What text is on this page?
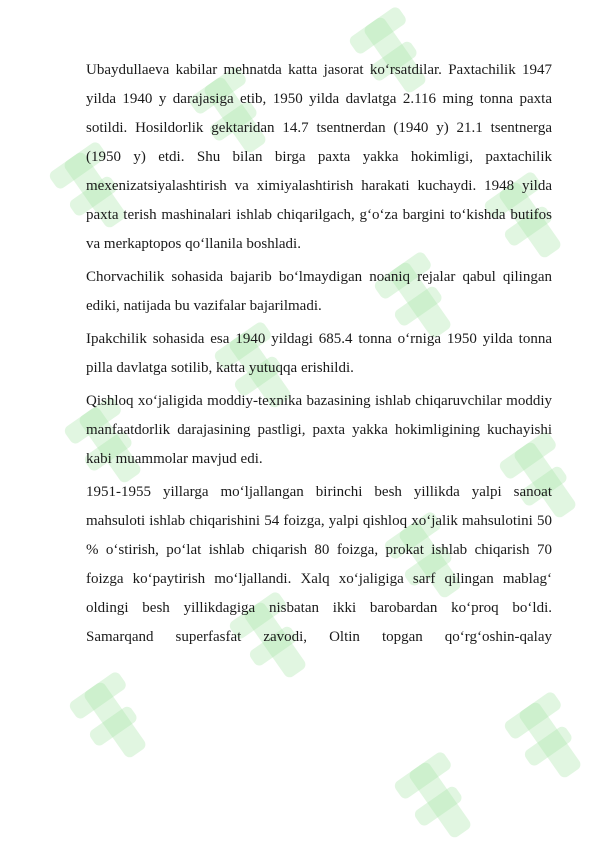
Ubaydullaeva kabilar mehnatda katta jasorat ko‘rsatdilar. Paxtachilik 1947 yilda 1940 y darajasiga etib, 1950 yilda davlatga 2.116 ming tonna paxta sotildi. Hosildorlik gektaridan 14.7 tsentnerdan (1940 y) 21.1 tsentnerga (1950 y) etdi. Shu bilan birga paxta yakka hokimligi, paxtachilik mexenizatsiyalashtirish va ximiyalashtirish harakati kuchaydi. 1948 yilda paxta terish mashinalari ishlab chiqarilgach, g‘o‘za bargini to‘kishda butifos va merkaptopos qo‘llanila boshladi.

Chorvachilik sohasida bajarib bo‘lmaydigan noaniq rejalar qabul qilingan ediki, natijada bu vazifalar bajarilmadi.

Ipakchilik sohasida esa 1940 yildagi 685.4 tonna o‘rniga 1950 yilda tonna pilla davlatga sotilib, katta yutuqqa erishildi.

Qishloq xo‘jaligida moddiy-texnika bazasining ishlab chiqaruvchilar moddiy manfaatdorlik darajasining pastligi, paxta yakka hokimligining kuchayishi kabi muammolar mavjud edi.

1951-1955 yillarga mo‘ljallangan birinchi besh yillikda yalpi sanoat mahsuloti ishlab chiqarishini 54 foizga, yalpi qishloq xo‘jalik mahsulotini 50 % o‘stirish, po‘lat ishlab chiqarish 80 foizga, prokat ishlab chiqarish 70 foizga ko‘paytirish mo‘ljallandi. Xalq xo‘jaligiga sarf qilingan mablag‘ oldingi besh yillikdagiga nisbatan ikki barobardan ko‘proq bo‘ldi. Samarqand superfasfat zavodi, Oltin topgan qo‘rg‘oshin-qalay
